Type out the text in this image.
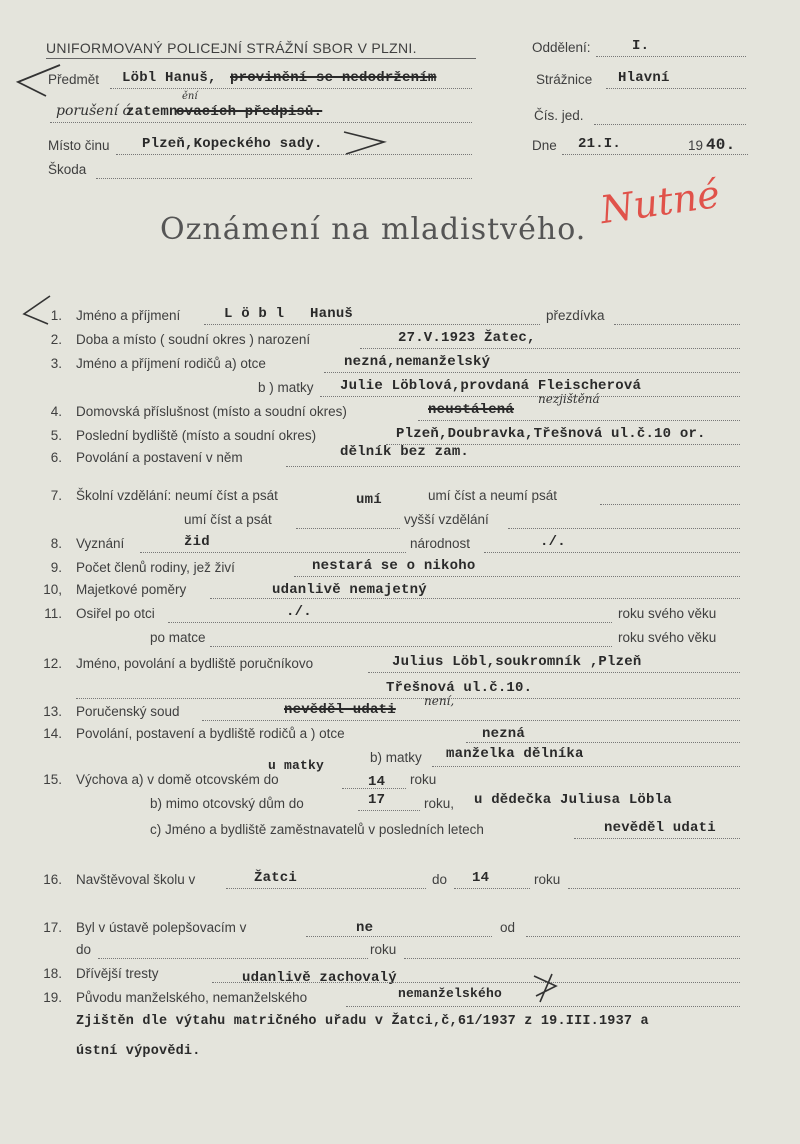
UNIFORMOVANÝ POLICEJNÍ STRÁŽNÍ SBOR V PLZNI.	Oddělení:	I.
Strážnice Hlavní
Čís. jed.
Dne 21.I.	19 40.
Předmět Löbl Hanuš, provinění se nedodržením
porušení ó
zatemn
ění
ovacích předpisů.
Místo činu Plzeň,Kopeckého sady.
Škoda
Nutné
Oznámení na mladistvého.
1. Jméno a příjmení	L ö b l   Hanuš	přezdívka
2. Doba a místo ( soudní okres ) narození	27.V.1923 Žatec,
3. Jméno a příjmení rodičů a) otce	nezná,nemanželský
b ) matky Julie Löblová,provdaná Fleischerová
4. Domovská příslušnost (místo a soudní okres)	neustálená
nezjištěná
5. Poslední bydliště (místo a soudní okres)	Plzeň,Doubravka,Třešnová ul.č.10 or.
6. Povolání a postavení v něm	dělník bez zam.
7. Školní vzdělání: neumí číst a psát	umí	umí číst a neumí psát
umí číst a psát	vyšší vzdělání
8. Vyznání	žid	národnost	./.
9. Počet členů rodiny, jež živí	nestará se o nikoho
10, Majetkové poměry	udanlivě nemajetný
11. Osiřel po otci	./.	roku svého věku
po matce	roku svého věku
12. Jméno, povolání a bydliště poručníkovo	Julius Löbl,soukromník ,Plzeň
Třešnová ul.č.10.
13. Poručenský soud	nevěděl udati
není,
14. Povolání, postavení a bydliště rodičů a ) otce	nezná
b) matky manželka dělníka
15. Výchova a) v domě otcovském do
u matky
14 roku
b) mimo otcovský dům do	17	roku, u dědečka Juliusa Löbla
c) Jméno a bydliště zaměstnavatelů v posledních letech	nevěděl udati
16. Navštěvoval školu v	Žatci	do 14	roku
17. Byl v ústavě polepšovacím v	ne	od
do	roku
18. Dřívější tresty	udanlivě zachovalý
19. Původu manželského, nemanželského	nemanželského
Zjištěn dle výtahu matričného uřadu v Žatci,č,61/1937 z 19.III.1937 a
ústní výpovědi.
